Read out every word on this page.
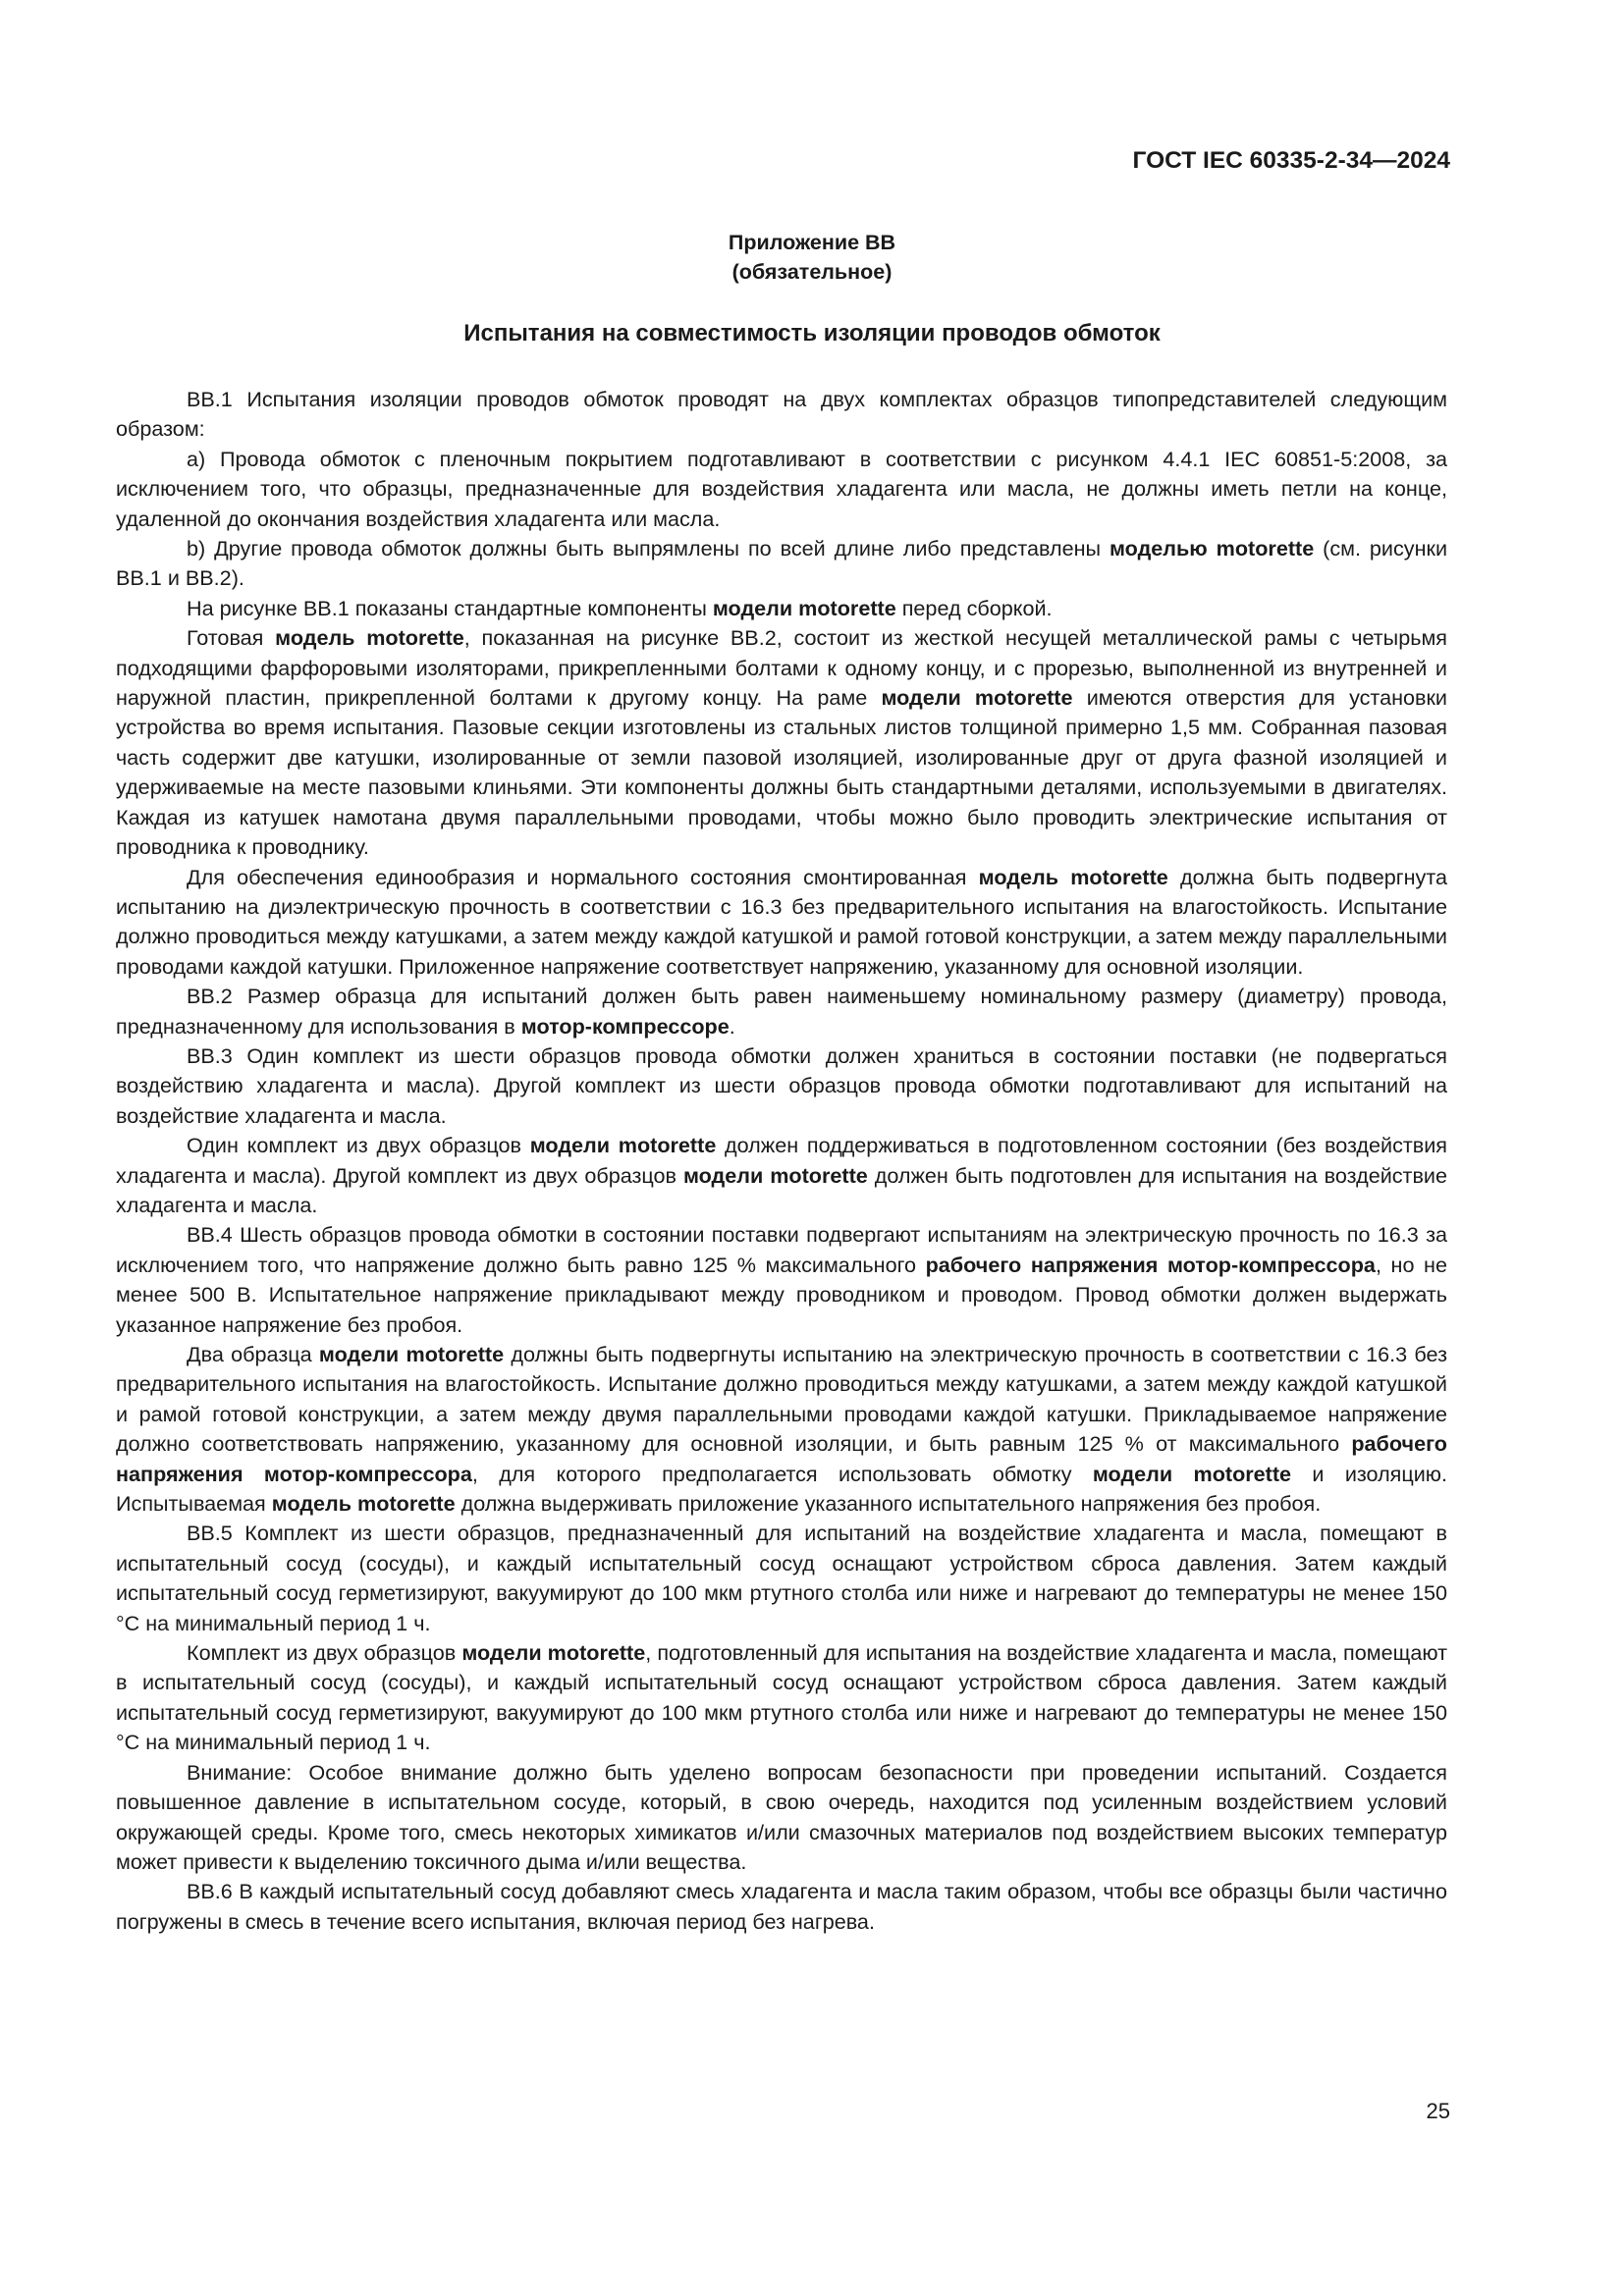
ГОСТ IEC 60335-2-34—2024
Приложение ВВ
(обязательное)
Испытания на совместимость изоляции проводов обмоток

ВВ.1 Испытания изоляции проводов обмоток проводят на двух комплектах образцов типопредставителей следующим образом:

а) Провода обмоток с пленочным покрытием подготавливают в соответствии с рисунком 4.4.1 IEC 60851-5:2008, за исключением того, что образцы, предназначенные для воздействия хладагента или масла, не должны иметь петли на конце, удаленной до окончания воздействия хладагента или масла.

b) Другие провода обмоток должны быть выпрямлены по всей длине либо представлены моделью motorette (см. рисунки ВВ.1 и ВВ.2).

На рисунке ВВ.1 показаны стандартные компоненты модели motorette перед сборкой.

Готовая модель motorette, показанная на рисунке ВВ.2, состоит из жесткой несущей металлической рамы с четырьмя подходящими фарфоровыми изоляторами, прикрепленными болтами к одному концу, и с прорезью, выполненной из внутренней и наружной пластин, прикрепленной болтами к другому концу. На раме модели motorette имеются отверстия для установки устройства во время испытания. Пазовые секции изготовлены из стальных листов толщиной примерно 1,5 мм. Собранная пазовая часть содержит две катушки, изолированные от земли пазовой изоляцией, изолированные друг от друга фазной изоляцией и удерживаемые на месте пазовыми клиньями. Эти компоненты должны быть стандартными деталями, используемыми в двигателях. Каждая из катушек намотана двумя параллельными проводами, чтобы можно было проводить электрические испытания от проводника к проводнику.

Для обеспечения единообразия и нормального состояния смонтированная модель motorette должна быть подвергнута испытанию на диэлектрическую прочность в соответствии с 16.3 без предварительного испытания на влагостойкость. Испытание должно проводиться между катушками, а затем между каждой катушкой и рамой готовой конструкции, а затем между параллельными проводами каждой катушки. Приложенное напряжение соответствует напряжению, указанному для основной изоляции.

ВВ.2 Размер образца для испытаний должен быть равен наименьшему номинальному размеру (диаметру) провода, предназначенному для использования в мотор-компрессоре.

ВВ.3 Один комплект из шести образцов провода обмотки должен храниться в состоянии поставки (не подвергаться воздействию хладагента и масла). Другой комплект из шести образцов провода обмотки подготавливают для испытаний на воздействие хладагента и масла.

Один комплект из двух образцов модели motorette должен поддерживаться в подготовленном состоянии (без воздействия хладагента и масла). Другой комплект из двух образцов модели motorette должен быть подготовлен для испытания на воздействие хладагента и масла.

ВВ.4 Шесть образцов провода обмотки в состоянии поставки подвергают испытаниям на электрическую прочность по 16.3 за исключением того, что напряжение должно быть равно 125 % максимального рабочего напряжения мотор-компрессора, но не менее 500 В. Испытательное напряжение прикладывают между проводником и проводом. Провод обмотки должен выдержать указанное напряжение без пробоя.

Два образца модели motorette должны быть подвергнуты испытанию на электрическую прочность в соответствии с 16.3 без предварительного испытания на влагостойкость. Испытание должно проводиться между катушками, а затем между каждой катушкой и рамой готовой конструкции, а затем между двумя параллельными проводами каждой катушки. Прикладываемое напряжение должно соответствовать напряжению, указанному для основной изоляции, и быть равным 125 % от максимального рабочего напряжения мотор-компрессора, для которого предполагается использовать обмотку модели motorette и изоляцию. Испытываемая модель motorette должна выдерживать приложение указанного испытательного напряжения без пробоя.

ВВ.5 Комплект из шести образцов, предназначенный для испытаний на воздействие хладагента и масла, помещают в испытательный сосуд (сосуды), и каждый испытательный сосуд оснащают устройством сброса давления. Затем каждый испытательный сосуд герметизируют, вакуумируют до 100 мкм ртутного столба или ниже и нагревают до температуры не менее 150 °С на минимальный период 1 ч.

Комплект из двух образцов модели motorette, подготовленный для испытания на воздействие хладагента и масла, помещают в испытательный сосуд (сосуды), и каждый испытательный сосуд оснащают устройством сброса давления. Затем каждый испытательный сосуд герметизируют, вакуумируют до 100 мкм ртутного столба или ниже и нагревают до температуры не менее 150 °С на минимальный период 1 ч.

Внимание: Особое внимание должно быть уделено вопросам безопасности при проведении испытаний. Создается повышенное давление в испытательном сосуде, который, в свою очередь, находится под усиленным воздействием условий окружающей среды. Кроме того, смесь некоторых химикатов и/или смазочных материалов под воздействием высоких температур может привести к выделению токсичного дыма и/или вещества.

ВВ.6 В каждый испытательный сосуд добавляют смесь хладагента и масла таким образом, чтобы все образцы были частично погружены в смесь в течение всего испытания, включая период без нагрева.

25
